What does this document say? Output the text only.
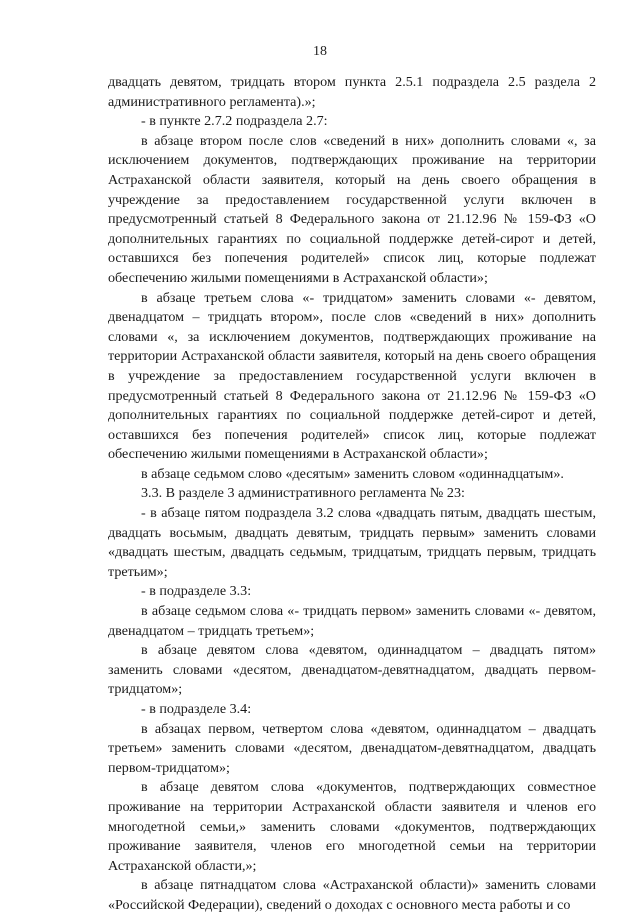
18

двадцать девятом, тридцать втором пункта 2.5.1 подраздела 2.5 раздела 2 административного регламента).»;

- в пункте 2.7.2 подраздела 2.7:

в абзаце втором после слов «сведений в них» дополнить словами «, за исключением документов, подтверждающих проживание на территории Астраханской области заявителя, который на день своего обращения в учреждение за предоставлением государственной услуги включен в предусмотренный статьей 8 Федерального закона от 21.12.96 № 159-ФЗ «О дополнительных гарантиях по социальной поддержке детей-сирот и детей, оставшихся без попечения родителей» список лиц, которые подлежат обеспечению жилыми помещениями в Астраханской области»;

в абзаце третьем слова «- тридцатом» заменить словами «- девятом, двенадцатом – тридцать втором», после слов «сведений в них» дополнить словами «, за исключением документов, подтверждающих проживание на территории Астраханской области заявителя, который на день своего обращения в учреждение за предоставлением государственной услуги включен в предусмотренный статьей 8 Федерального закона от 21.12.96 № 159-ФЗ «О дополнительных гарантиях по социальной поддержке детей-сирот и детей, оставшихся без попечения родителей» список лиц, которые подлежат обеспечению жилыми помещениями в Астраханской области»;

в абзаце седьмом слово «десятым» заменить словом «одиннадцатым».

3.3. В разделе 3 административного регламента № 23:

- в абзаце пятом подраздела 3.2 слова «двадцать пятым, двадцать шестым, двадцать восьмым, двадцать девятым, тридцать первым» заменить словами «двадцать шестым, двадцать седьмым, тридцатым, тридцать первым, тридцать третьим»;

- в подразделе 3.3:

в абзаце седьмом слова «- тридцать первом» заменить словами «- девятом, двенадцатом – тридцать третьем»;

в абзаце девятом слова «девятом, одиннадцатом – двадцать пятом» заменить словами «десятом, двенадцатом-девятнадцатом, двадцать первом-тридцатом»;

- в подразделе 3.4:

в абзацах первом, четвертом слова «девятом, одиннадцатом – двадцать третьем» заменить словами «десятом, двенадцатом-девятнадцатом, двадцать первом-тридцатом»;

в абзаце девятом слова «документов, подтверждающих совместное проживание на территории Астраханской области заявителя и членов его многодетной семьи,» заменить словами «документов, подтверждающих проживание заявителя, членов его многодетной семьи на территории Астраханской области,»;

в абзаце пятнадцатом слова «Астраханской области)» заменить словами «Российской Федерации), сведений о доходах с основного места работы и со
